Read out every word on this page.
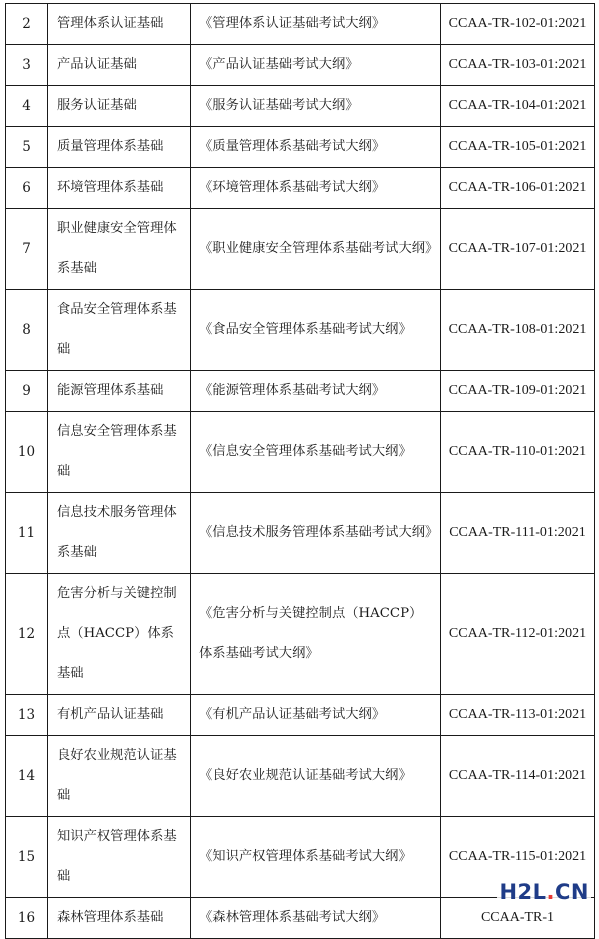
2	管理体系认证基础	《管理体系认证基础考试大纲》	CCAA-TR-102-01:2021
3	产品认证基础	《产品认证基础考试大纲》	CCAA-TR-103-01:2021
4	服务认证基础	《服务认证基础考试大纲》	CCAA-TR-104-01:2021
5	质量管理体系基础	《质量管理体系基础考试大纲》	CCAA-TR-105-01:2021
6	环境管理体系基础	《环境管理体系基础考试大纲》	CCAA-TR-106-01:2021
7	职业健康安全管理体系基础	《职业健康安全管理体系基础考试大纲》	CCAA-TR-107-01:2021
8	食品安全管理体系基础	《食品安全管理体系基础考试大纲》	CCAA-TR-108-01:2021
9	能源管理体系基础	《能源管理体系基础考试大纲》	CCAA-TR-109-01:2021
10	信息安全管理体系基础	《信息安全管理体系基础考试大纲》	CCAA-TR-110-01:2021
11	信息技术服务管理体系基础	《信息技术服务管理体系基础考试大纲》	CCAA-TR-111-01:2021
12	危害分析与关键控制点（HACCP）体系基础	《危害分析与关键控制点（HACCP）体系基础考试大纲》	CCAA-TR-112-01:2021
13	有机产品认证基础	《有机产品认证基础考试大纲》	CCAA-TR-113-01:2021
14	良好农业规范认证基础	《良好农业规范认证基础考试大纲》	CCAA-TR-114-01:2021
15	知识产权管理体系基础	《知识产权管理体系基础考试大纲》	CCAA-TR-115-01:2021
16	森林管理体系基础	《森林管理体系基础考试大纲》	CCAA-TR-1
H2L.CN
